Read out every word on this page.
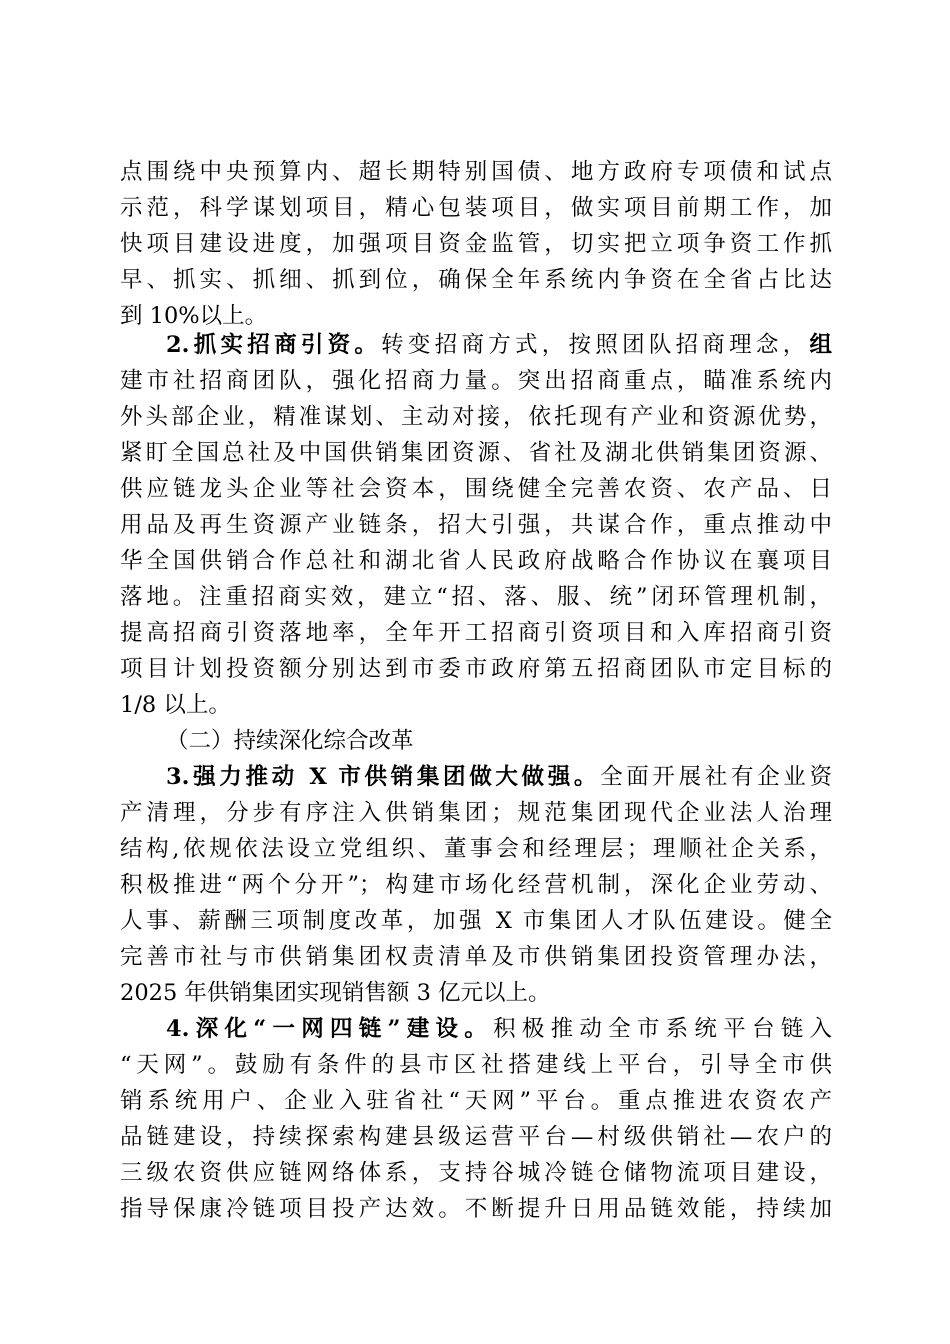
点围绕中央预算内、超长期特别国债、地方政府专项债和试点
示范，科学谋划项目，精心包装项目，做实项目前期工作，加
快项目建设进度，加强项目资金监管，切实把立项争资工作抓
早、抓实、抓细、抓到位，确保全年系统内争资在全省占比达
到 10%以上。
2.抓实招商引资。转变招商方式，按照团队招商理念，组
建市社招商团队，强化招商力量。突出招商重点，瞄准系统内
外头部企业，精准谋划、主动对接，依托现有产业和资源优势，
紧盯全国总社及中国供销集团资源、省社及湖北供销集团资源、
供应链龙头企业等社会资本，围绕健全完善农资、农产品、日
用品及再生资源产业链条，招大引强，共谋合作，重点推动中
华全国供销合作总社和湖北省人民政府战略合作协议在襄项目
落地。注重招商实效，建立“招、落、服、统”闭环管理机制，
提高招商引资落地率，全年开工招商引资项目和入库招商引资
项目计划投资额分别达到市委市政府第五招商团队市定目标的
1/8 以上。
（二）持续深化综合改革
3.强力推动 X 市供销集团做大做强。全面开展社有企业资
产清理，分步有序注入供销集团；规范集团现代企业法人治理
结构,依规依法设立党组织、董事会和经理层；理顺社企关系，
积极推进“两个分开”；构建市场化经营机制，深化企业劳动、
人事、薪酬三项制度改革，加强 X 市集团人才队伍建设。健全
完善市社与市供销集团权责清单及市供销集团投资管理办法，
2025 年供销集团实现销售额 3 亿元以上。
4.深化“一网四链”建设。积极推动全市系统平台链入
“天网”。鼓励有条件的县市区社搭建线上平台，引导全市供
销系统用户、企业入驻省社“天网”平台。重点推进农资农产
品链建设，持续探索构建县级运营平台—村级供销社—农户的
三级农资供应链网络体系，支持谷城冷链仓储物流项目建设，
指导保康冷链项目投产达效。不断提升日用品链效能，持续加
